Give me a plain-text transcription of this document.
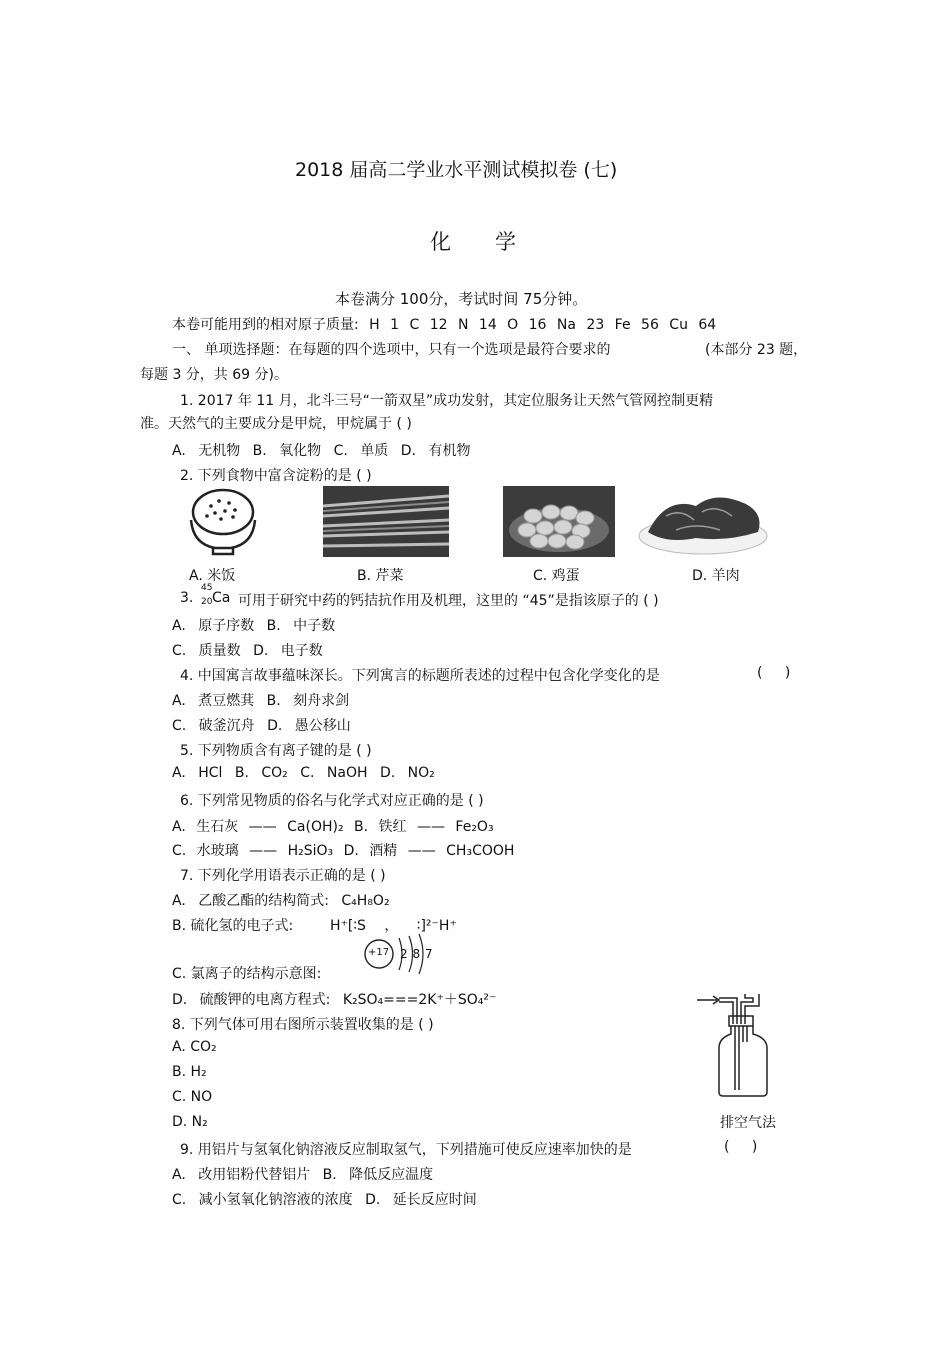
2018 届高二学业水平测试模拟卷 (七)
化学
本卷满分 100分，考试时间 75分钟。
本卷可能用到的相对原子质量: H 1 C 12 N 14 O 16 Na 23 Fe 56 Cu 64
一、 单项选择题：在每题的四个选项中，只有一个选项是最符合要求的	(本部分 23 题，
每题 3 分，共 69 分)。
1. 2017 年 11 月，北斗三号“一箭双星”成功发射，其定位服务让天然气管网控制更精
准。天然气的主要成分是甲烷，甲烷属于 ( )
A. 无机物 B. 氧化物 C. 单质 D. 有机物
2. 下列食物中富含淀粉的是 ( )
A. 米饭	B. 芹菜	C. 鸡蛋	D. 羊肉
3.
45
20 Ca 可用于研究中药的钙拮抗作用及机理，这里的 “45”是指该原子的 ( )
A. 原子序数 B. 中子数
C. 质量数 D. 电子数
4. 中国寓言故事蕴味深长。下列寓言的标题所表述的过程中包含化学变化的是	( )
A. 煮豆燃萁 B. 刻舟求剑
C. 破釜沉舟 D. 愚公移山
5. 下列物质含有离子键的是 ( )
A. HCl B. CO₂ C. NaOH D. NO₂
6. 下列常见物质的俗名与化学式对应正确的是 ( )
A. 生石灰 —— Ca(OH)₂ B. 铁红 —— Fe₂O₃
C. 水玻璃 —— H₂SiO₃ D. 酒精 —— CH₃COOH
7. 下列化学用语表示正确的是 ( )
A. 乙酸乙酯的结构简式: C₄H₈O₂
B. 硫化氢的电子式:	H⁺[∶S ， ∶]²⁻H⁺
+17 2 8 7
C. 氯离子的结构示意图:
D. 硫酸钾的电离方程式: K₂SO₄===2K⁺＋SO₄²⁻
8. 下列气体可用右图所示装置收集的是 ( )
A. CO₂
B. H₂
C. NO
D. N₂	排空气法
9. 用铝片与氢氧化钠溶液反应制取氢气，下列措施可使反应速率加快的是	( )
A. 改用铝粉代替铝片 B. 降低反应温度
C. 减小氢氧化钠溶液的浓度 D. 延长反应时间
